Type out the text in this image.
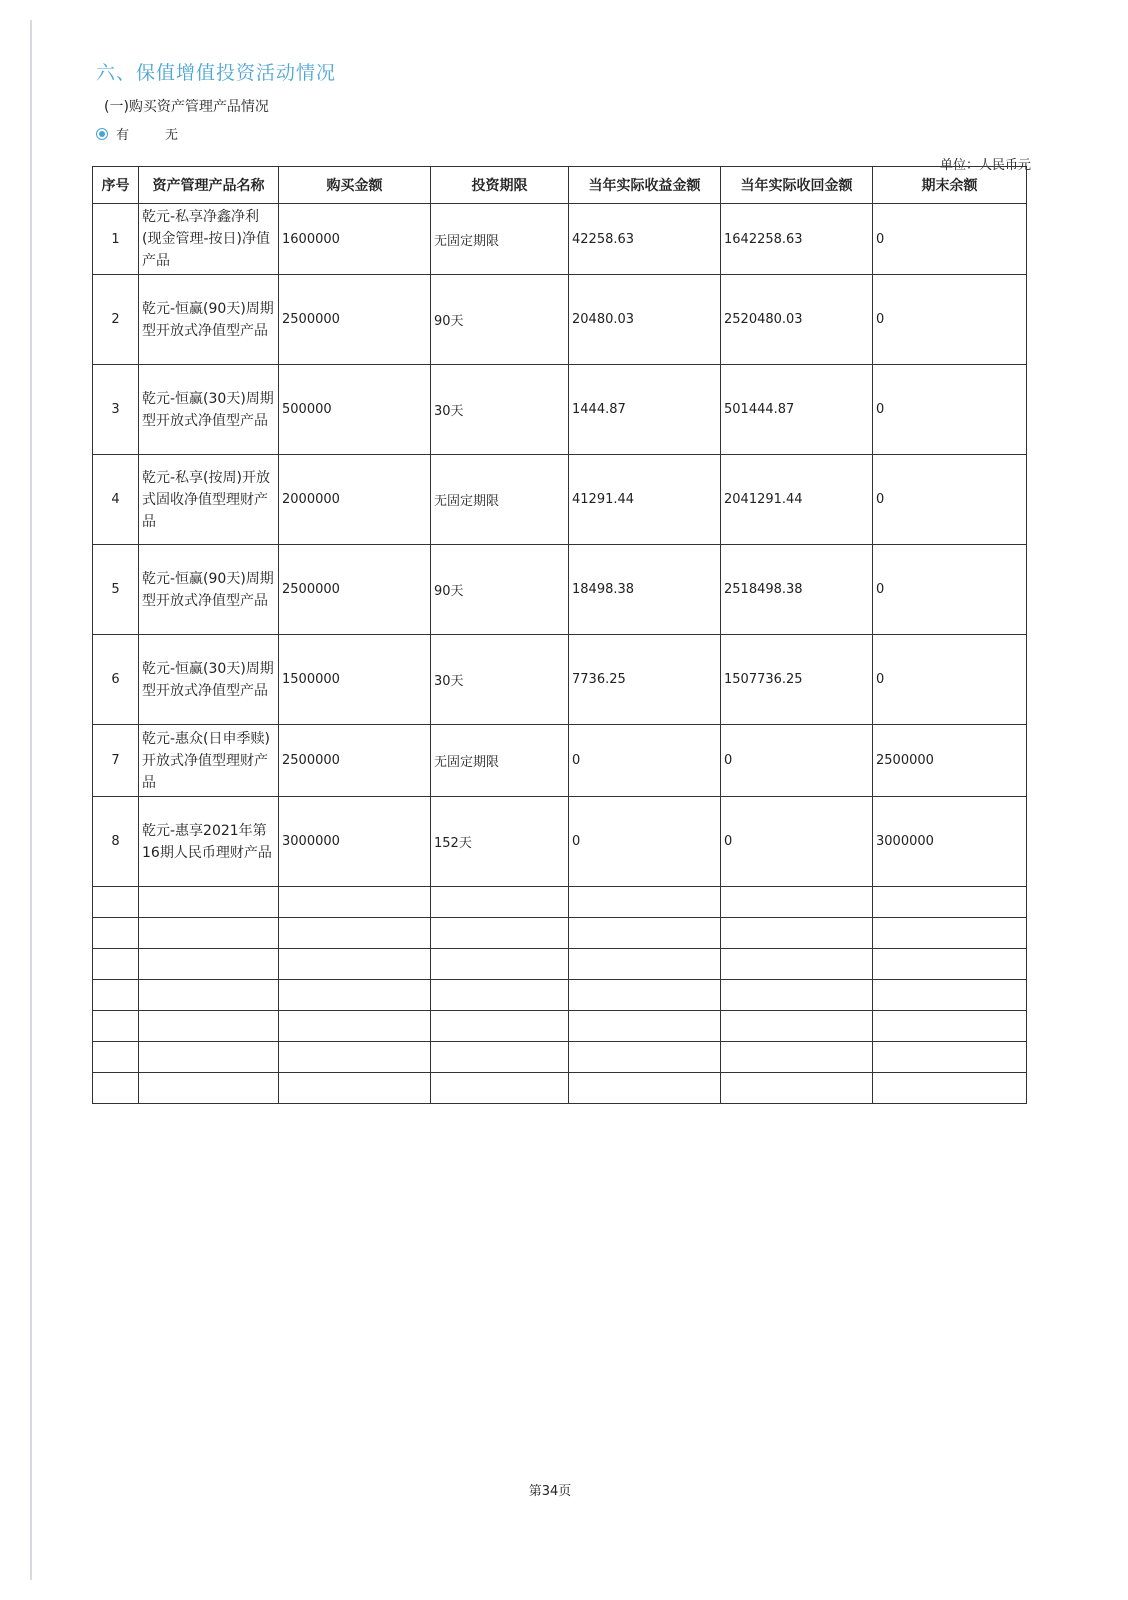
六、保值增值投资活动情况
(一)购买资产管理产品情况
有	无
单位：人民币元
序号	资产管理产品名称	购买金额	投资期限	当年实际收益金额	当年实际收回金额	期末余额
1	乾元-私享净鑫净利(现金管理-按日)净值产品	1600000	无固定期限	42258.63	1642258.63	0
2	乾元-恒赢(90天)周期型开放式净值型产品	2500000	90天	20480.03	2520480.03	0
3	乾元-恒赢(30天)周期型开放式净值型产品	500000	30天	1444.87	501444.87	0
4	乾元-私享(按周)开放式固收净值型理财产品	2000000	无固定期限	41291.44	2041291.44	0
5	乾元-恒赢(90天)周期型开放式净值型产品	2500000	90天	18498.38	2518498.38	0
6	乾元-恒赢(30天)周期型开放式净值型产品	1500000	30天	7736.25	1507736.25	0
7	乾元-惠众(日申季赎)开放式净值型理财产品	2500000	无固定期限	0	0	2500000
8	乾元-惠享2021年第16期人民币理财产品	3000000	152天	0	0	3000000

第34页
